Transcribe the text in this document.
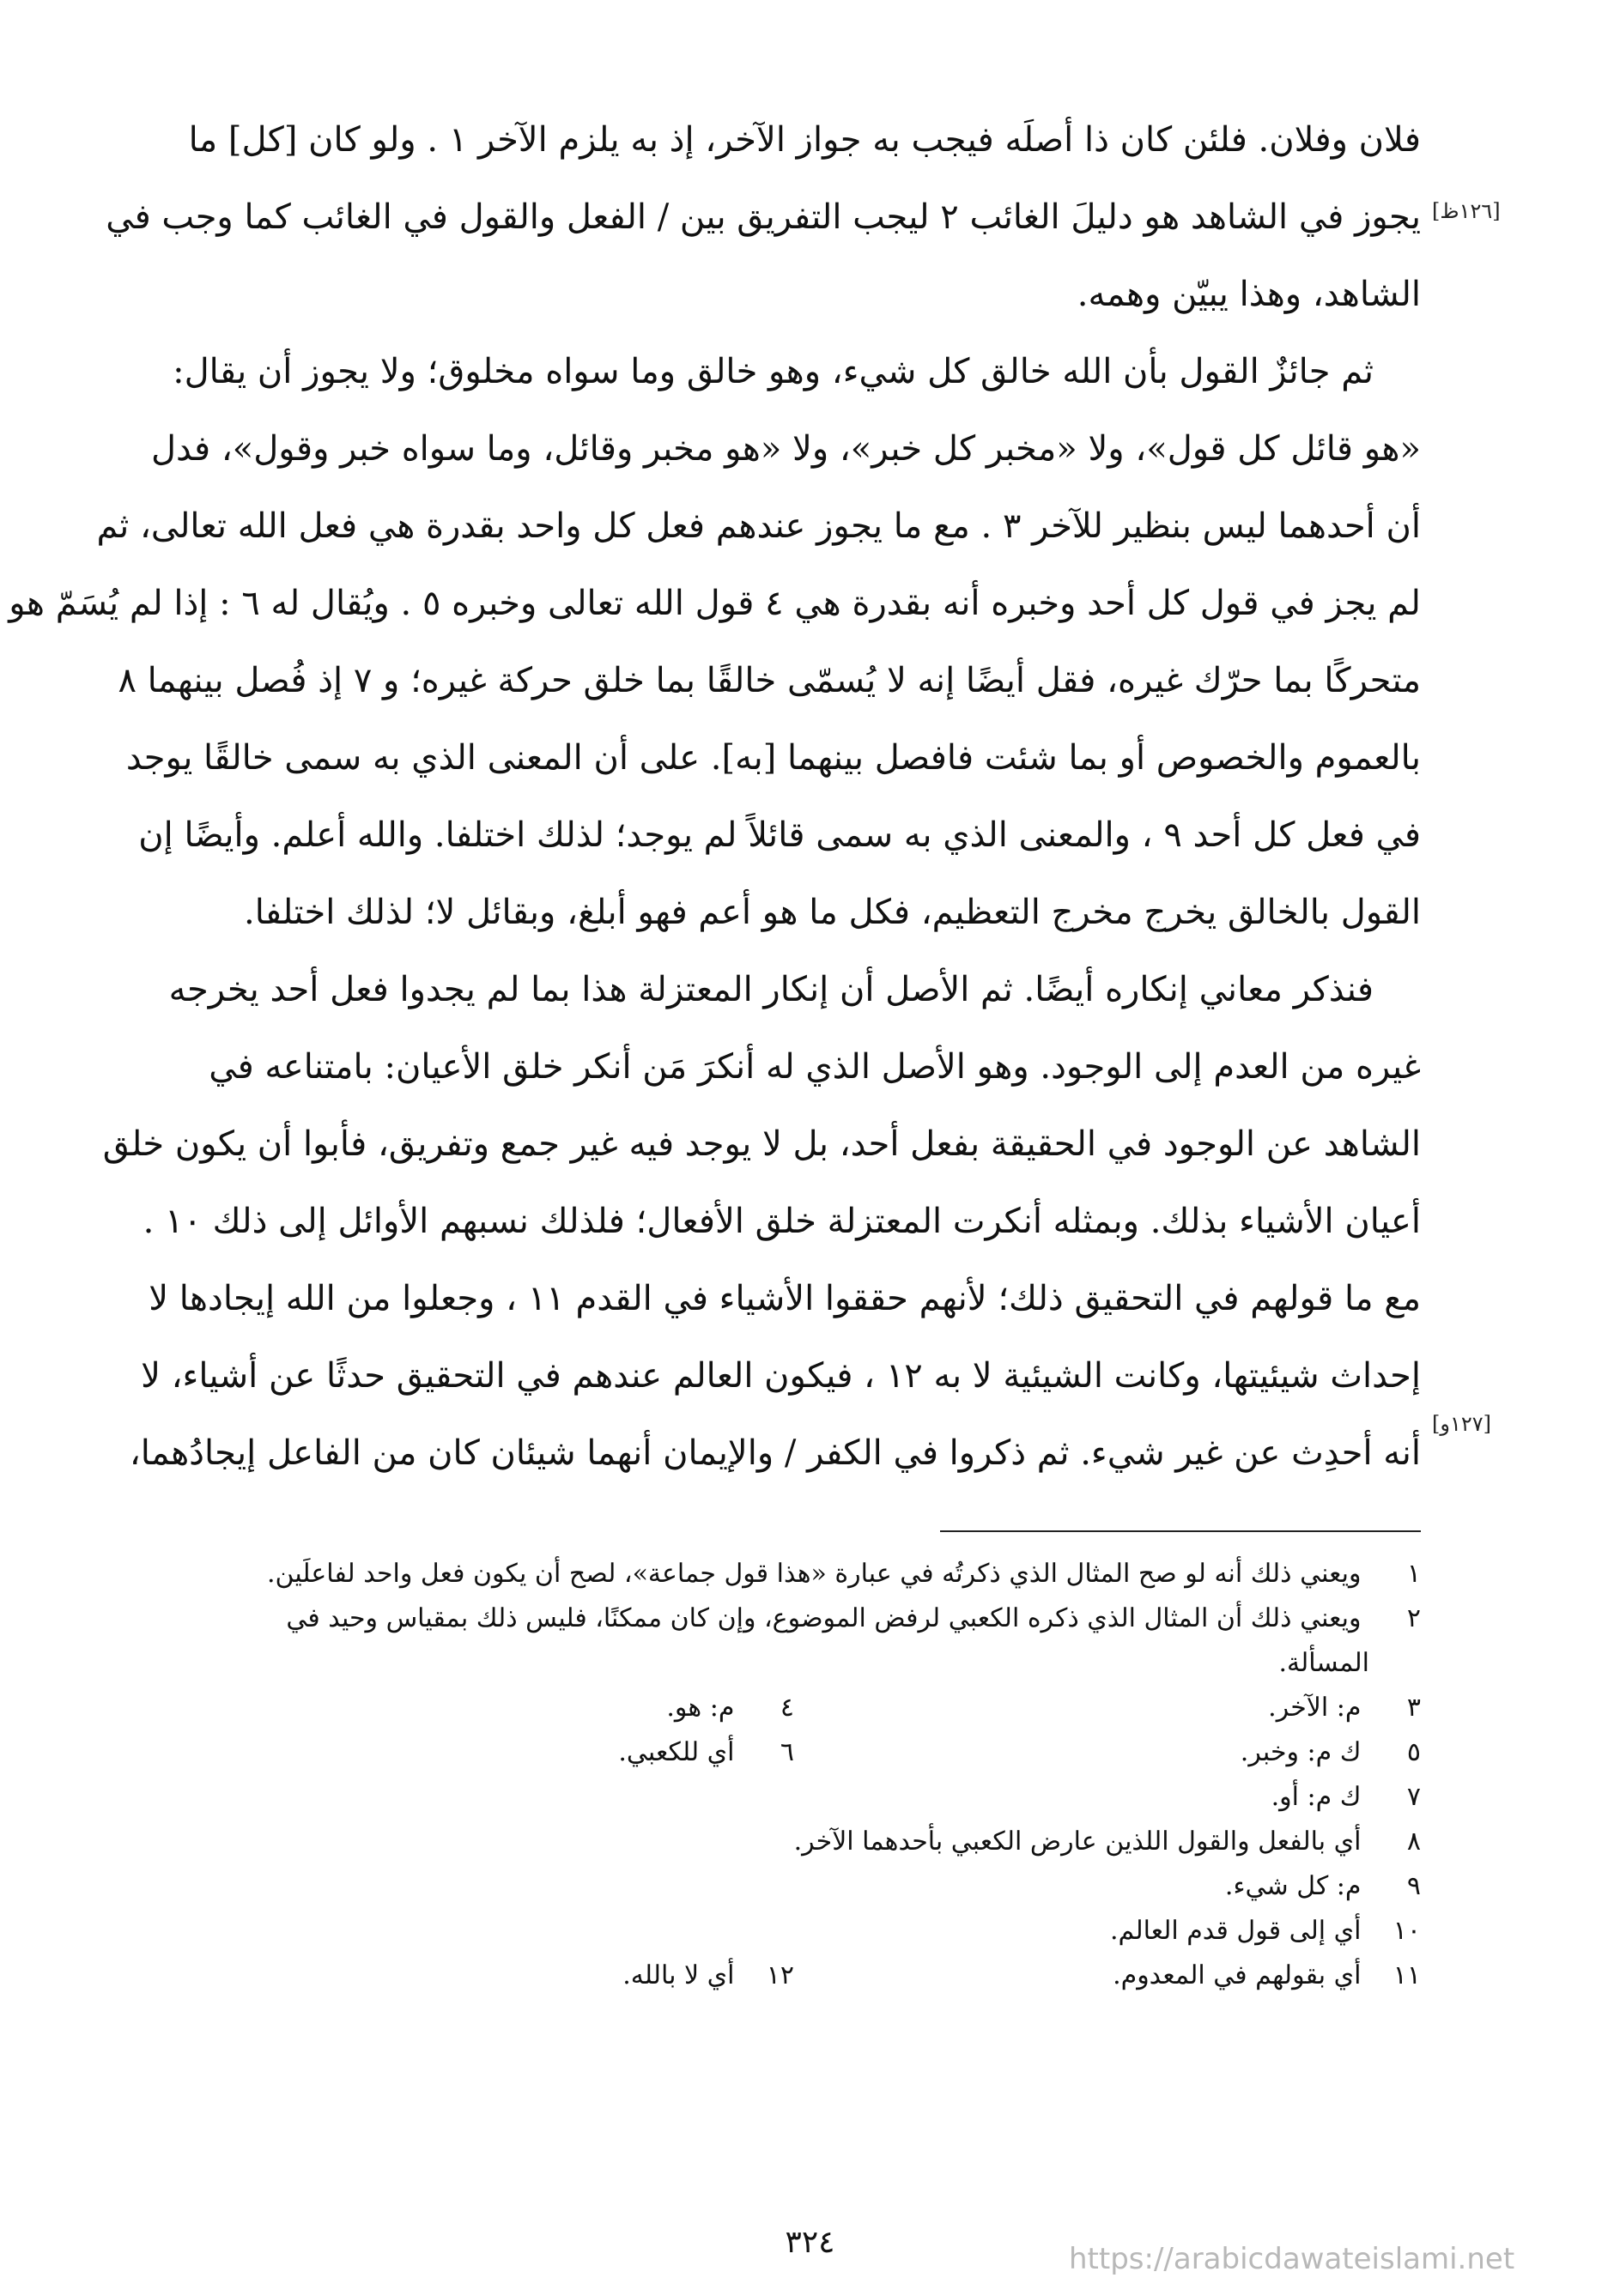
فلان وفلان. فلئن كان ذا أصلَه فيجب به جواز الآخر، إذ به يلزم الآخر ١ . ولو كان [كل] ما
يجوز في الشاهد هو دليلَ الغائب ٢ ليجب التفريق بين / الفعل والقول في الغائب كما وجب في
الشاهد، وهذا يبيّن وهمه.
ثم جائزٌ القول بأن الله خالق كل شيء، وهو خالق وما سواه مخلوق؛ ولا يجوز أن يقال:
«هو قائل كل قول»، ولا «مخبر كل خبر»، ولا «هو مخبر وقائل، وما سواه خبر وقول»، فدل
أن أحدهما ليس بنظير للآخر ٣ . مع ما يجوز عندهم فعل كل واحد بقدرة هي فعل الله تعالى، ثم
لم يجز في قول كل أحد وخبره أنه بقدرة هي ٤ قول الله تعالى وخبره ٥ . ويُقال له ٦ : إذا لم يُسَمّ هو
متحركًا بما حرّك غيره، فقل أيضًا إنه لا يُسمّى خالقًا بما خلق حركة غيره؛ و ٧ إذ فُصل بينهما ٨
بالعموم والخصوص أو بما شئت فافصل بينهما [به]. على أن المعنى الذي به سمى خالقًا يوجد
في فعل كل أحد ٩ ، والمعنى الذي به سمى قائلاً لم يوجد؛ لذلك اختلفا. والله أعلم. وأيضًا إن
القول بالخالق يخرج مخرج التعظيم، فكل ما هو أعم فهو أبلغ، وبقائل لا؛ لذلك اختلفا.
فنذكر معاني إنكاره أيضًا. ثم الأصل أن إنكار المعتزلة هذا بما لم يجدوا فعل أحد يخرجه
غيره من العدم إلى الوجود. وهو الأصل الذي له أنكرَ مَن أنكر خلق الأعيان: بامتناعه في
الشاهد عن الوجود في الحقيقة بفعل أحد، بل لا يوجد فيه غير جمع وتفريق، فأبوا أن يكون خلق
أعيان الأشياء بذلك. وبمثله أنكرت المعتزلة خلق الأفعال؛ فلذلك نسبهم الأوائل إلى ذلك ١٠ .
مع ما قولهم في التحقيق ذلك؛ لأنهم حققوا الأشياء في القدم ١١ ، وجعلوا من الله إيجادها لا
إحداث شيئيتها، وكانت الشيئية لا به ١٢ ، فيكون العالم عندهم في التحقيق حدثًا عن أشياء، لا
أنه أحدِث عن غير شيء. ثم ذكروا في الكفر / والإيمان أنهما شيئان كان من الفاعل إيجادُهما،
[١٢٦ظ]
[١٢٧و]
١ ويعني ذلك أنه لو صح المثال الذي ذكرتُه في عبارة «هذا قول جماعة»، لصح أن يكون فعل واحد لفاعلَين.
٢ ويعني ذلك أن المثال الذي ذكره الكعبي لرفض الموضوع، وإن كان ممكنًا، فليس ذلك بمقياس وحيد في
المسألة.
٣ م: الآخر.
٤ م: هو.
٥ ك م: وخبر.
٦ أي للكعبي.
٧ ك م: أو.
٨ أي بالفعل والقول اللذين عارض الكعبي بأحدهما الآخر.
٩ م: كل شيء.
١٠ أي إلى قول قدم العالم.
١١ أي بقولهم في المعدوم.
١٢ أي لا بالله.
٣٢٤	https://arabicdawateislami.net
